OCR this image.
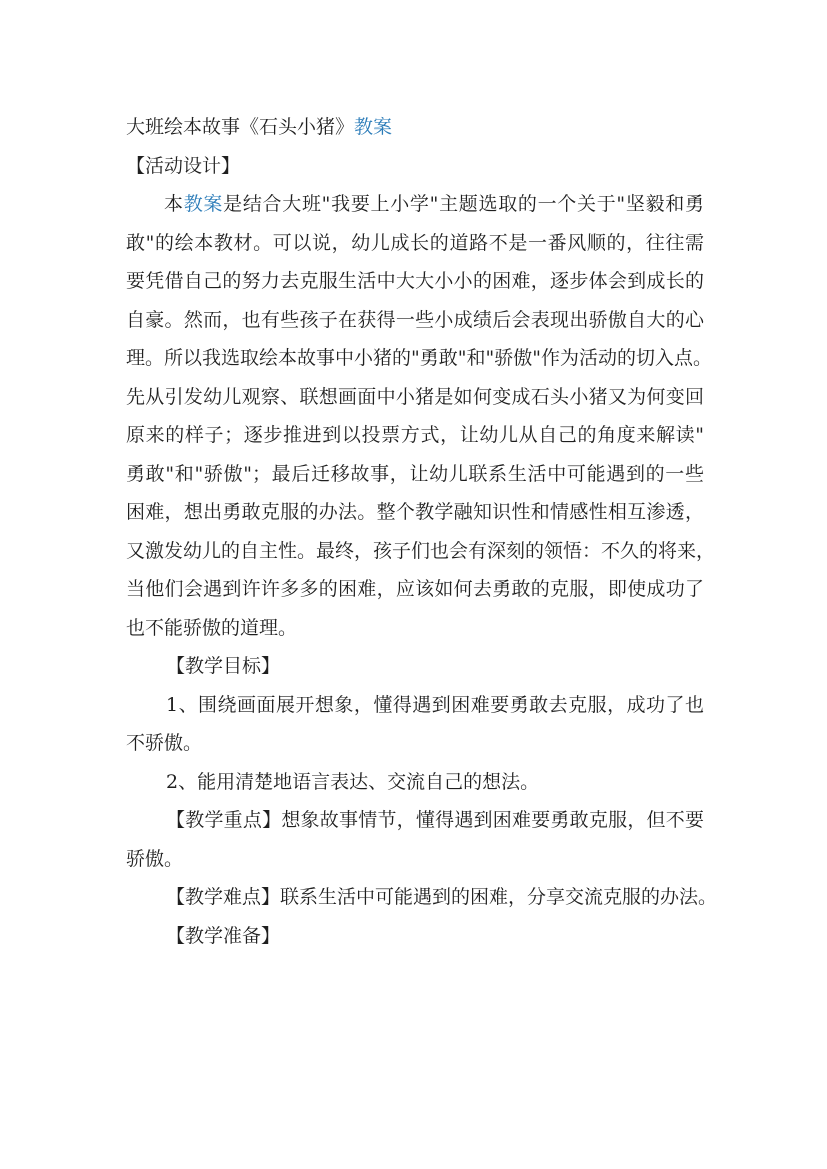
大班绘本故事《石头小猪》教案
【活动设计】
本教案是结合大班"我要上小学"主题选取的一个关于"坚毅和勇
敢"的绘本教材。可以说，幼儿成长的道路不是一番风顺的，往往需
要凭借自己的努力去克服生活中大大小小的困难，逐步体会到成长的
自豪。然而，也有些孩子在获得一些小成绩后会表现出骄傲自大的心
理。所以我选取绘本故事中小猪的"勇敢"和"骄傲"作为活动的切入点。
先从引发幼儿观察、联想画面中小猪是如何变成石头小猪又为何变回
原来的样子；逐步推进到以投票方式，让幼儿从自己的角度来解读"
勇敢"和"骄傲"；最后迁移故事，让幼儿联系生活中可能遇到的一些
困难，想出勇敢克服的办法。整个教学融知识性和情感性相互渗透，
又激发幼儿的自主性。最终，孩子们也会有深刻的领悟：不久的将来，
当他们会遇到许许多多的困难，应该如何去勇敢的克服，即使成功了
也不能骄傲的道理。
【教学目标】
1、围绕画面展开想象，懂得遇到困难要勇敢去克服，成功了也
不骄傲。
2、能用清楚地语言表达、交流自己的想法。
【教学重点】想象故事情节，懂得遇到困难要勇敢克服，但不要
骄傲。
【教学难点】联系生活中可能遇到的困难，分享交流克服的办法。
【教学准备】
